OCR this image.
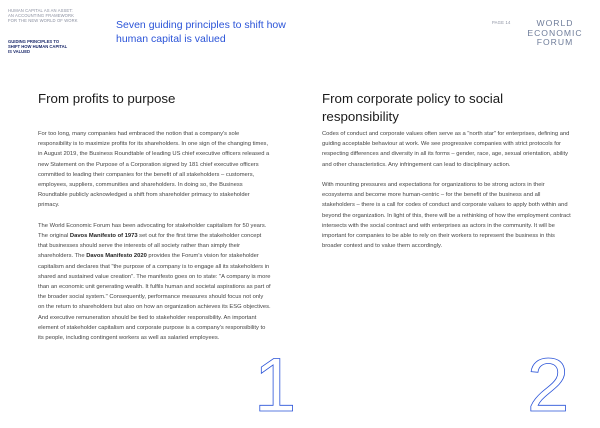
HUMAN CAPITAL AS AN ASSET:
AN ACCOUNTING FRAMEWORK
FOR THE NEW WORLD OF WORK
GUIDING PRINCIPLES TO
SHIFT HOW HUMAN CAPITAL
IS VALUED
Seven guiding principles to shift how
human capital is valued
PAGE 14	WORLD
ECONOMIC
FORUM
From profits to purpose	From corporate policy to social responsibility

For too long, many companies had embraced the notion that a company's sole responsibility is to maximize profits for its shareholders. In one sign of the changing times, in August 2019, the Business Roundtable of leading US chief executive officers released a new Statement on the Purpose of a Corporation signed by 181 chief executive officers committed to leading their companies for the benefit of all stakeholders – customers, employees, suppliers, communities and shareholders. In doing so, the Business Roundtable publicly acknowledged a shift from shareholder primacy to stakeholder primacy.

The World Economic Forum has been advocating for stakeholder capitalism for 50 years. The original Davos Manifesto of 1973 set out for the first time the stakeholder concept that businesses should serve the interests of all society rather than simply their shareholders. The Davos Manifesto 2020 provides the Forum's vision for stakeholder capitalism and declares that "the purpose of a company is to engage all its stakeholders in shared and sustained value creation". The manifesto goes on to state: "A company is more than an economic unit generating wealth. It fulfils human and societal aspirations as part of the broader social system." Consequently, performance measures should focus not only on the return to shareholders but also on how an organization achieves its ESG objectives. And executive remuneration should be tied to stakeholder responsibility. An important element of stakeholder capitalism and corporate purpose is a company's responsibility to its people, including contingent workers as well as salaried employees.

Codes of conduct and corporate values often serve as a "north star" for enterprises, defining and guiding acceptable behaviour at work. We see progressive companies with strict protocols for respecting differences and diversity in all its forms – gender, race, age, sexual orientation, ability and other characteristics. Any infringement can lead to disciplinary action.

With mounting pressures and expectations for organizations to be strong actors in their ecosystems and become more human-centric – for the benefit of the business and all stakeholders – there is a call for codes of conduct and corporate values to apply both within and beyond the organization. In light of this, there will be a rethinking of how the employment contract intersects with the social contract and with enterprises as actors in the community. It will be important for companies to be able to rely on their workers to represent the business in this broader context and to value them accordingly.

1	2
